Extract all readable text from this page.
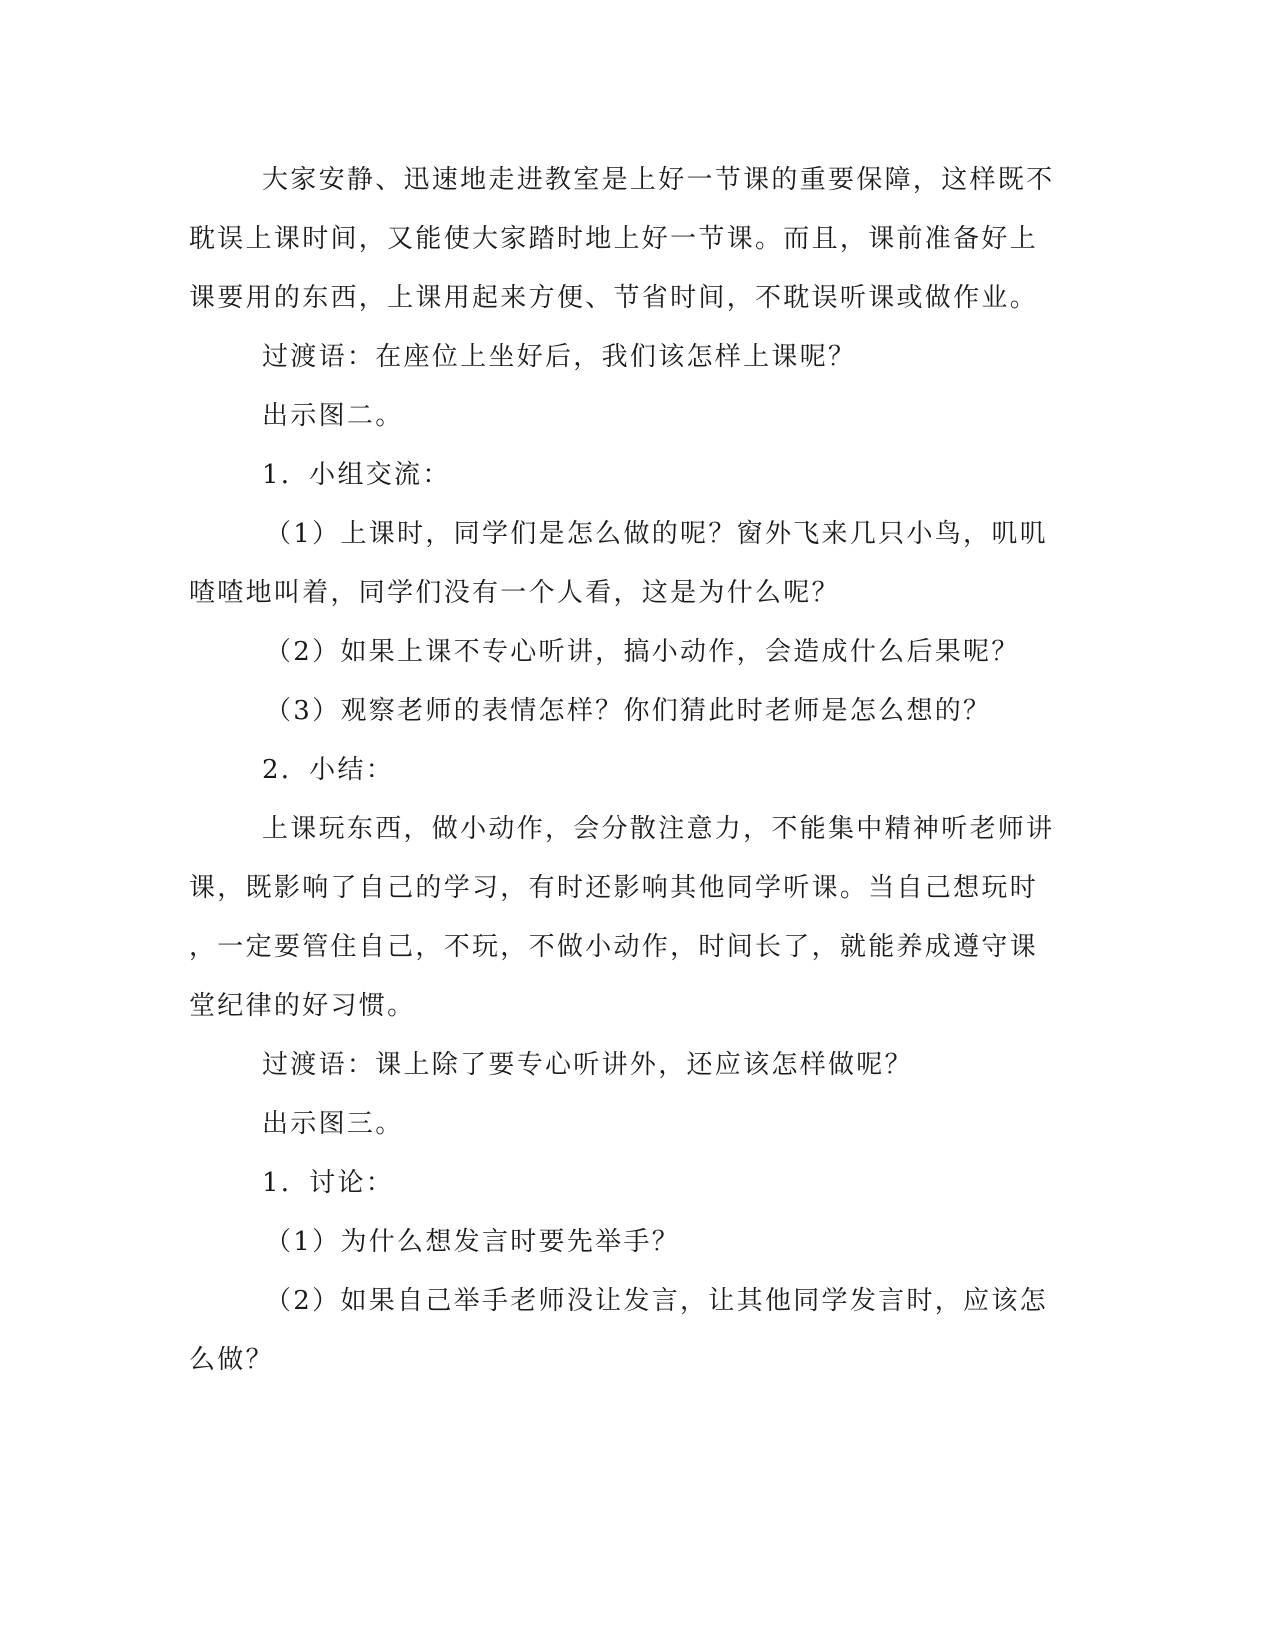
大家安静、迅速地走进教室是上好一节课的重要保障，这样既不
耽误上课时间，又能使大家踏时地上好一节课。而且，课前准备好上
课要用的东西，上课用起来方便、节省时间，不耽误听课或做作业。
过渡语：在座位上坐好后，我们该怎样上课呢？
出示图二。
1．小组交流：
（1）上课时，同学们是怎么做的呢？窗外飞来几只小鸟，叽叽
喳喳地叫着，同学们没有一个人看，这是为什么呢？
（2）如果上课不专心听讲，搞小动作，会造成什么后果呢？
（3）观察老师的表情怎样？你们猜此时老师是怎么想的？
2．小结：
上课玩东西，做小动作，会分散注意力，不能集中精神听老师讲
课，既影响了自己的学习，有时还影响其他同学听课。当自己想玩时
，一定要管住自己，不玩，不做小动作，时间长了，就能养成遵守课
堂纪律的好习惯。
过渡语：课上除了要专心听讲外，还应该怎样做呢？
出示图三。
1．讨论：
（1）为什么想发言时要先举手？
（2）如果自己举手老师没让发言，让其他同学发言时，应该怎
么做？
